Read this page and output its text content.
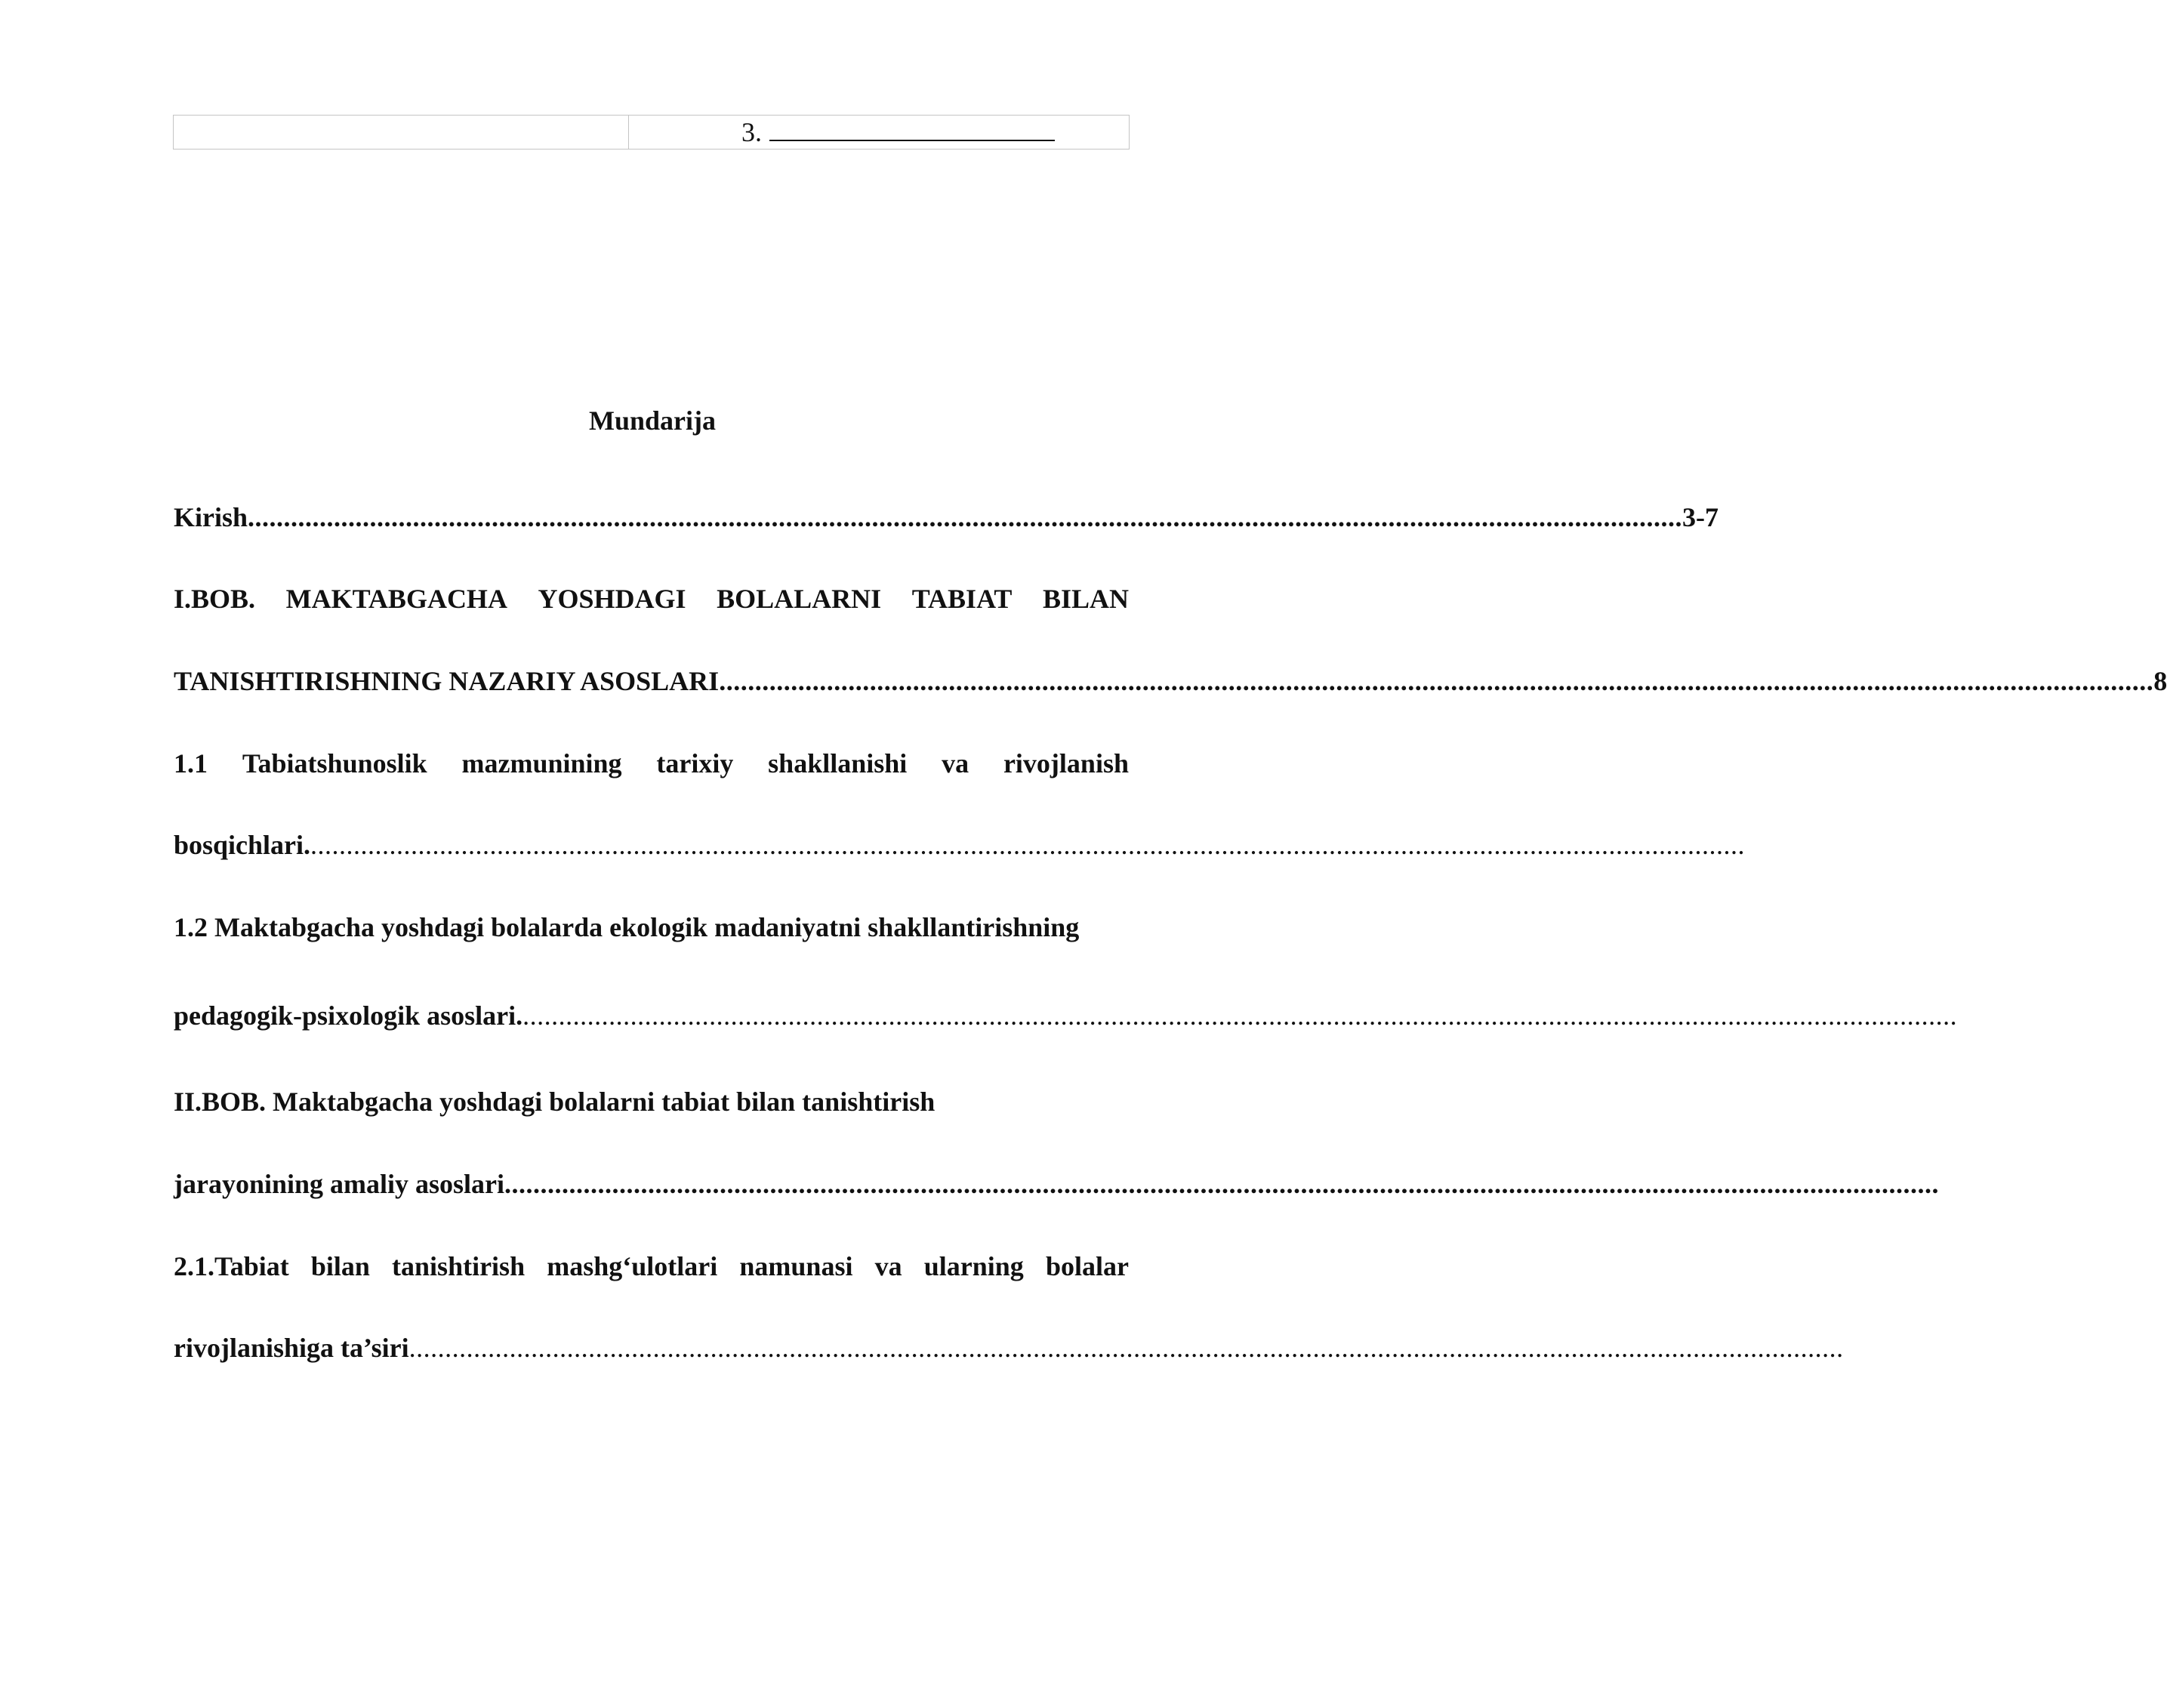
3.
Mundarija
Kirish ........................................................................................................................................................................................................ 3-7
I.BOB. MAKTABGACHA YOSHDAGI BOLALARNI TABIAT BILAN
TANISHTIRISHNING NAZARIY ASOSLARI ........................................................................................................................................................................................................ 8
1.1 Tabiatshunoslik mazmunining tarixiy shakllanishi va rivojlanish
bosqichlari. ........................................................................................................................................................................................................
1.2 Maktabgacha yoshdagi bolalarda ekologik madaniyatni shakllantirishning
pedagogik-psixologik asoslari. ........................................................................................................................................................................................................
II.BOB. Maktabgacha yoshdagi bolalarni tabiat bilan tanishtirish
jarayonining amaliy asoslari ........................................................................................................................................................................................................
2.1.Tabiat bilan tanishtirish mashg‘ulotlari namunasi va ularning bolalar
rivojlanishiga ta’siri ........................................................................................................................................................................................................
